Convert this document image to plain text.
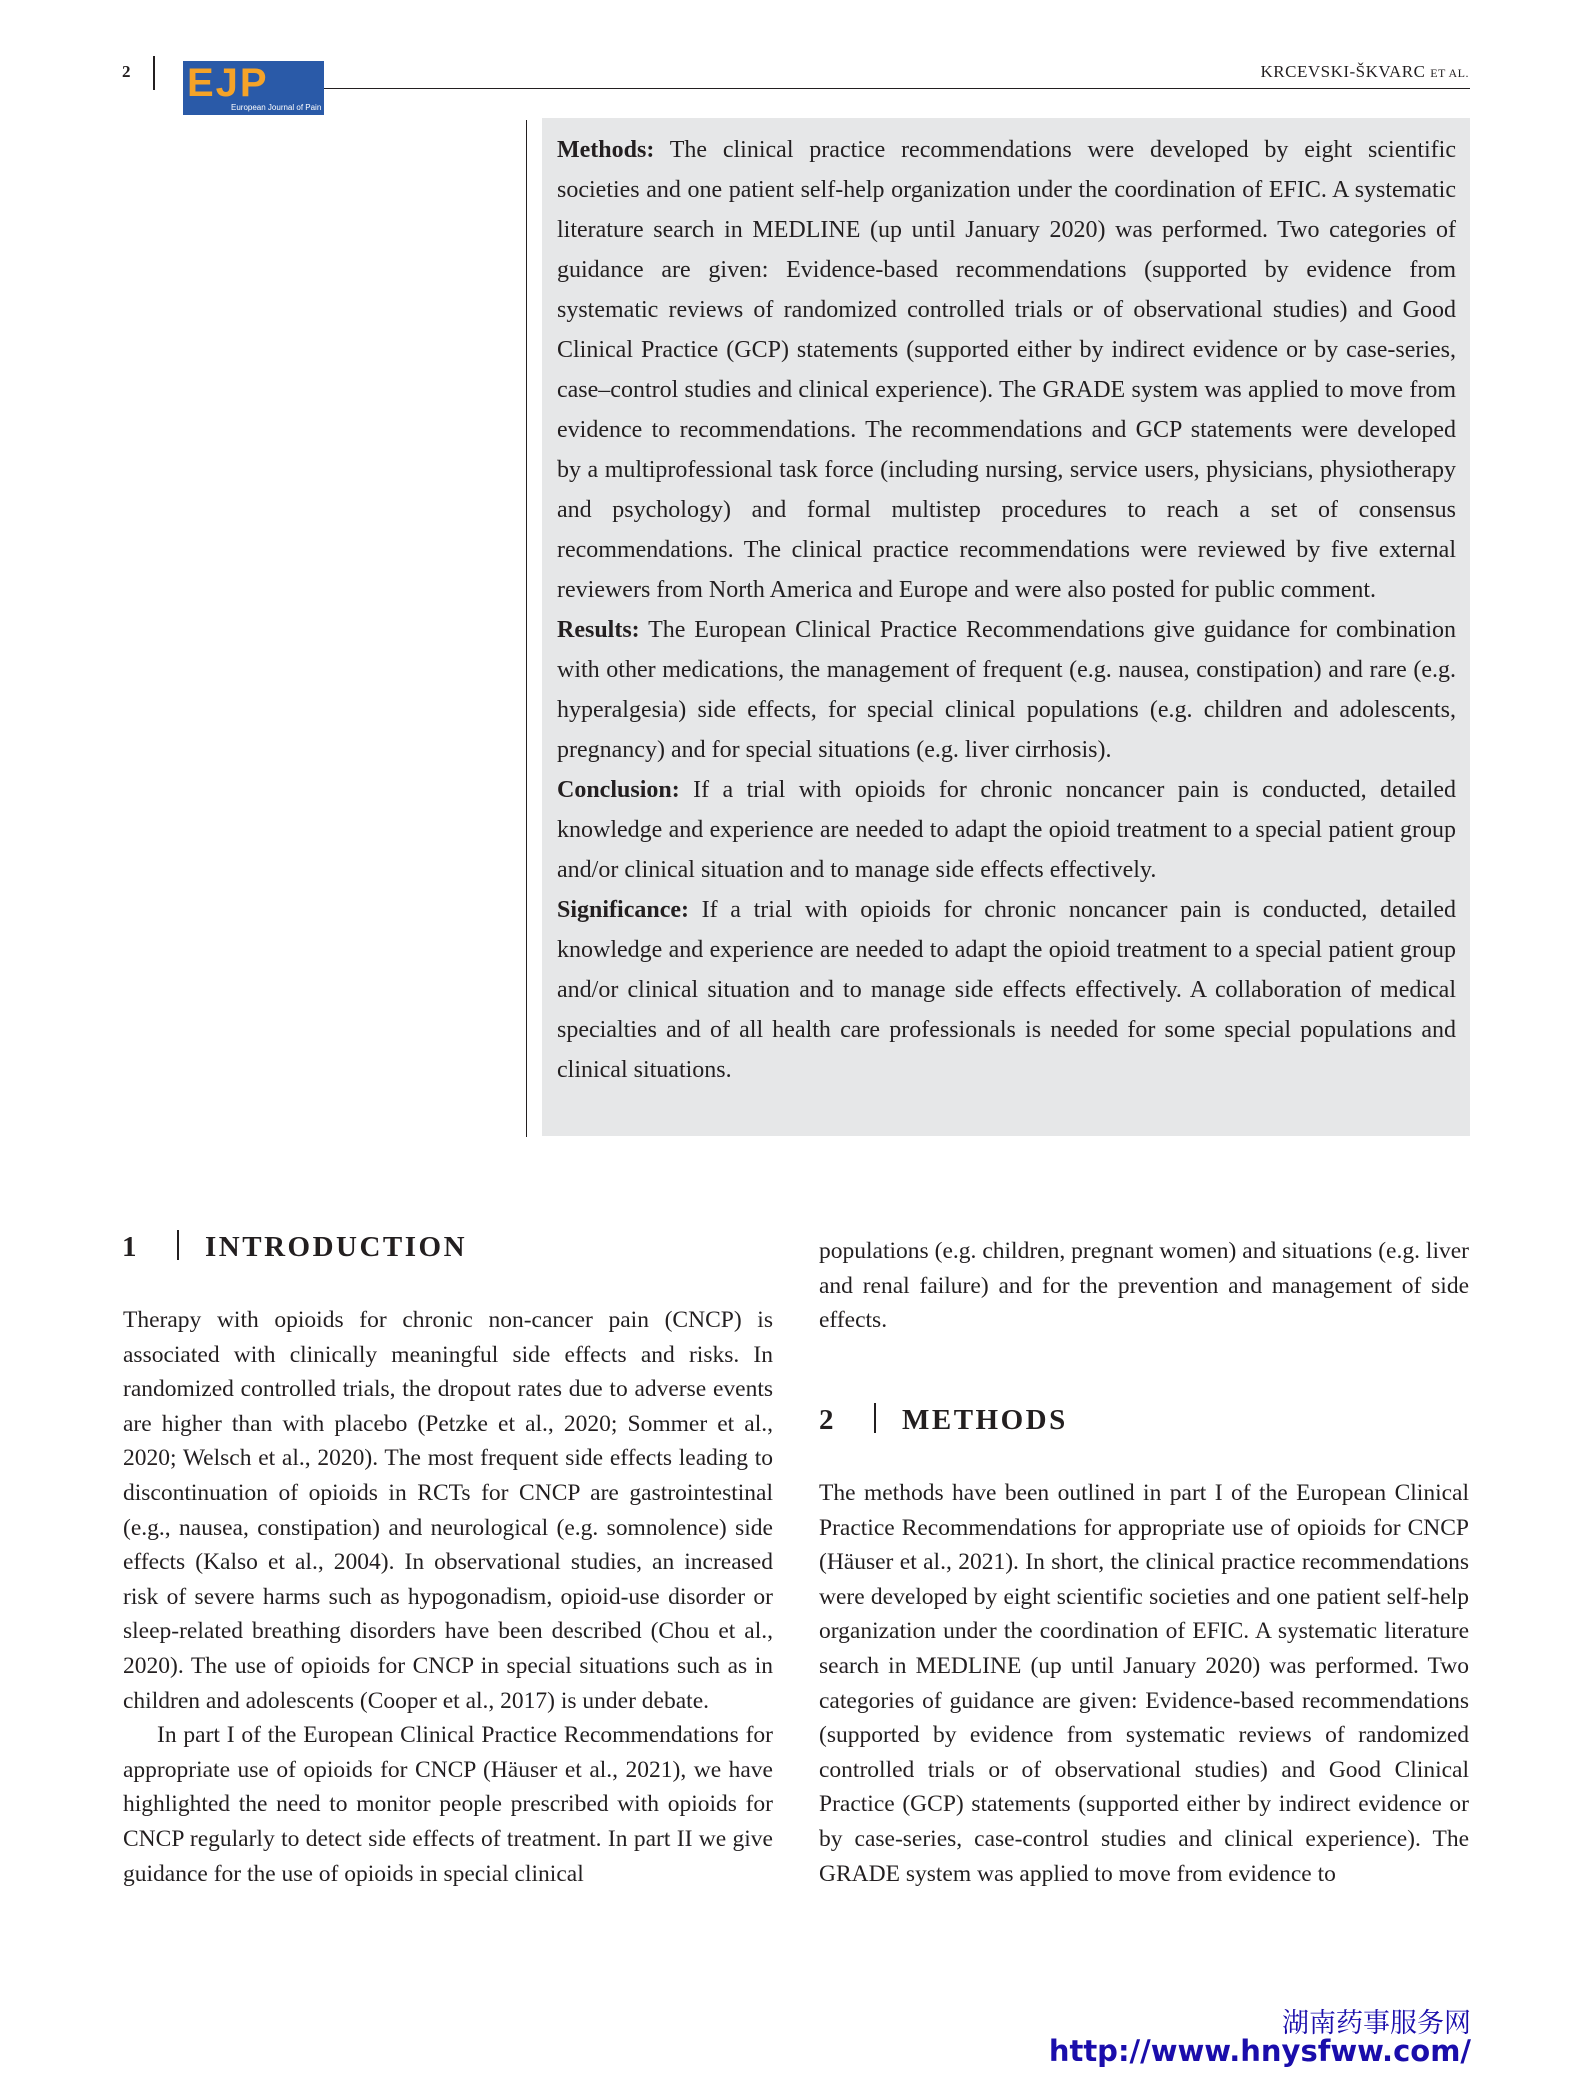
2 EJP
European Journal of Pain
KRCEVSKI-ŠKVARC ET AL.

Methods: The clinical practice recommendations were developed by eight scientific societies and one patient self-help organization under the coordination of EFIC. A systematic literature search in MEDLINE (up until January 2020) was performed. Two categories of guidance are given: Evidence-based recommendations (supported by evidence from systematic reviews of randomized controlled trials or of observational studies) and Good Clinical Practice (GCP) statements (supported either by indirect evidence or by case-series, case–control studies and clinical experience). The GRADE system was applied to move from evidence to recommendations. The recommendations and GCP statements were developed by a multiprofessional task force (including nursing, service users, physicians, physiotherapy and psychology) and formal multistep procedures to reach a set of consensus recommendations. The clinical practice recommendations were reviewed by five external reviewers from North America and Europe and were also posted for public comment.

Results: The European Clinical Practice Recommendations give guidance for combination with other medications, the management of frequent (e.g. nausea, constipation) and rare (e.g. hyperalgesia) side effects, for special clinical populations (e.g. children and adolescents, pregnancy) and for special situations (e.g. liver cirrhosis).

Conclusion: If a trial with opioids for chronic noncancer pain is conducted, detailed knowledge and experience are needed to adapt the opioid treatment to a special patient group and/or clinical situation and to manage side effects effectively.

Significance: If a trial with opioids for chronic noncancer pain is conducted, detailed knowledge and experience are needed to adapt the opioid treatment to a special patient group and/or clinical situation and to manage side effects effectively. A collaboration of medical specialties and of all health care professionals is needed for some special populations and clinical situations.

1 INTRODUCTION

Therapy with opioids for chronic non-cancer pain (CNCP) is associated with clinically meaningful side effects and risks. In randomized controlled trials, the dropout rates due to adverse events are higher than with placebo (Petzke et al., 2020; Sommer et al., 2020; Welsch et al., 2020). The most frequent side effects leading to discontinuation of opioids in RCTs for CNCP are gastrointestinal (e.g., nausea, constipation) and neurological (e.g. somnolence) side effects (Kalso et al., 2004). In observational studies, an increased risk of severe harms such as hypogonadism, opioid-use disorder or sleep-related breathing disorders have been described (Chou et al., 2020). The use of opioids for CNCP in special situations such as in children and adolescents (Cooper et al., 2017) is under debate.

In part I of the European Clinical Practice Recommendations for appropriate use of opioids for CNCP (Häuser et al., 2021), we have highlighted the need to monitor people prescribed with opioids for CNCP regularly to detect side effects of treatment. In part II we give guidance for the use of opioids in special clinical

populations (e.g. children, pregnant women) and situations (e.g. liver and renal failure) and for the prevention and management of side effects.

2 METHODS

The methods have been outlined in part I of the European Clinical Practice Recommendations for appropriate use of opioids for CNCP (Häuser et al., 2021). In short, the clinical practice recommendations were developed by eight scientific societies and one patient self-help organization under the coordination of EFIC. A systematic literature search in MEDLINE (up until January 2020) was performed. Two categories of guidance are given: Evidence-based recommendations (supported by evidence from systematic reviews of randomized controlled trials or of observational studies) and Good Clinical Practice (GCP) statements (supported either by indirect evidence or by case-series, case-control studies and clinical experience). The GRADE system was applied to move from evidence to

湖南药事服务网
http://www.hnysfww.com/
